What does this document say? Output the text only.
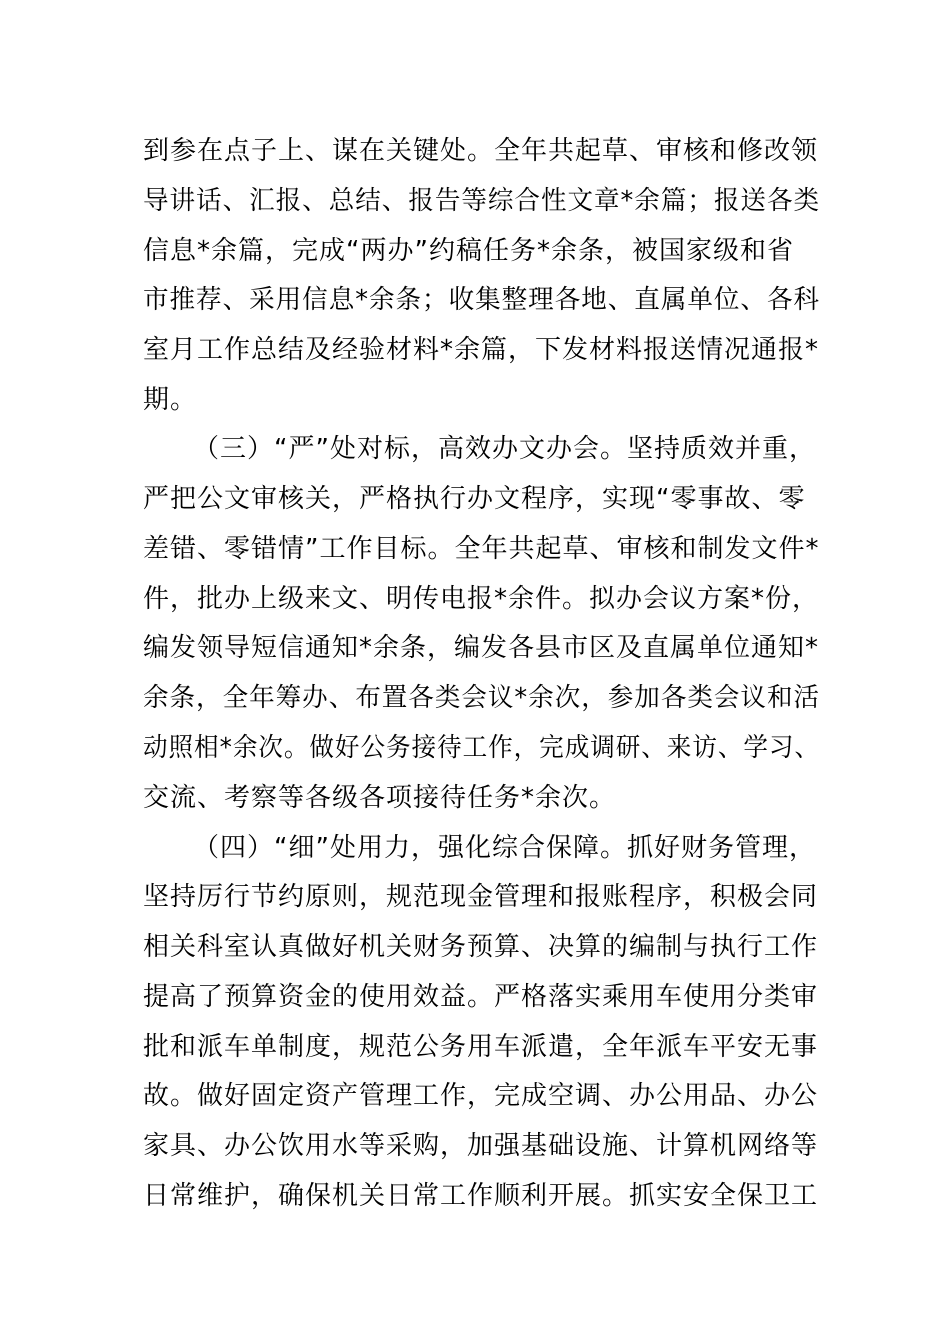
到参在点子上、谋在关键处。全年共起草、审核和修改领
导讲话、汇报、总结、报告等综合性文章*余篇；报送各类
信息*余篇，完成“两办”约稿任务*余条，被国家级和省
市推荐、采用信息*余条；收集整理各地、直属单位、各科
室月工作总结及经验材料*余篇，下发材料报送情况通报*
期。
（三）“严”处对标，高效办文办会。坚持质效并重，
严把公文审核关，严格执行办文程序，实现“零事故、零
差错、零错情”工作目标。全年共起草、审核和制发文件*
件，批办上级来文、明传电报*余件。拟办会议方案*份，
编发领导短信通知*余条，编发各县市区及直属单位通知*
余条，全年筹办、布置各类会议*余次，参加各类会议和活
动照相*余次。做好公务接待工作，完成调研、来访、学习、
交流、考察等各级各项接待任务*余次。
（四）“细”处用力，强化综合保障。抓好财务管理，
坚持厉行节约原则，规范现金管理和报账程序，积极会同
相关科室认真做好机关财务预算、决算的编制与执行工作
提高了预算资金的使用效益。严格落实乘用车使用分类审
批和派车单制度，规范公务用车派遣，全年派车平安无事
故。做好固定资产管理工作，完成空调、办公用品、办公
家具、办公饮用水等采购，加强基础设施、计算机网络等
日常维护，确保机关日常工作顺利开展。抓实安全保卫工
